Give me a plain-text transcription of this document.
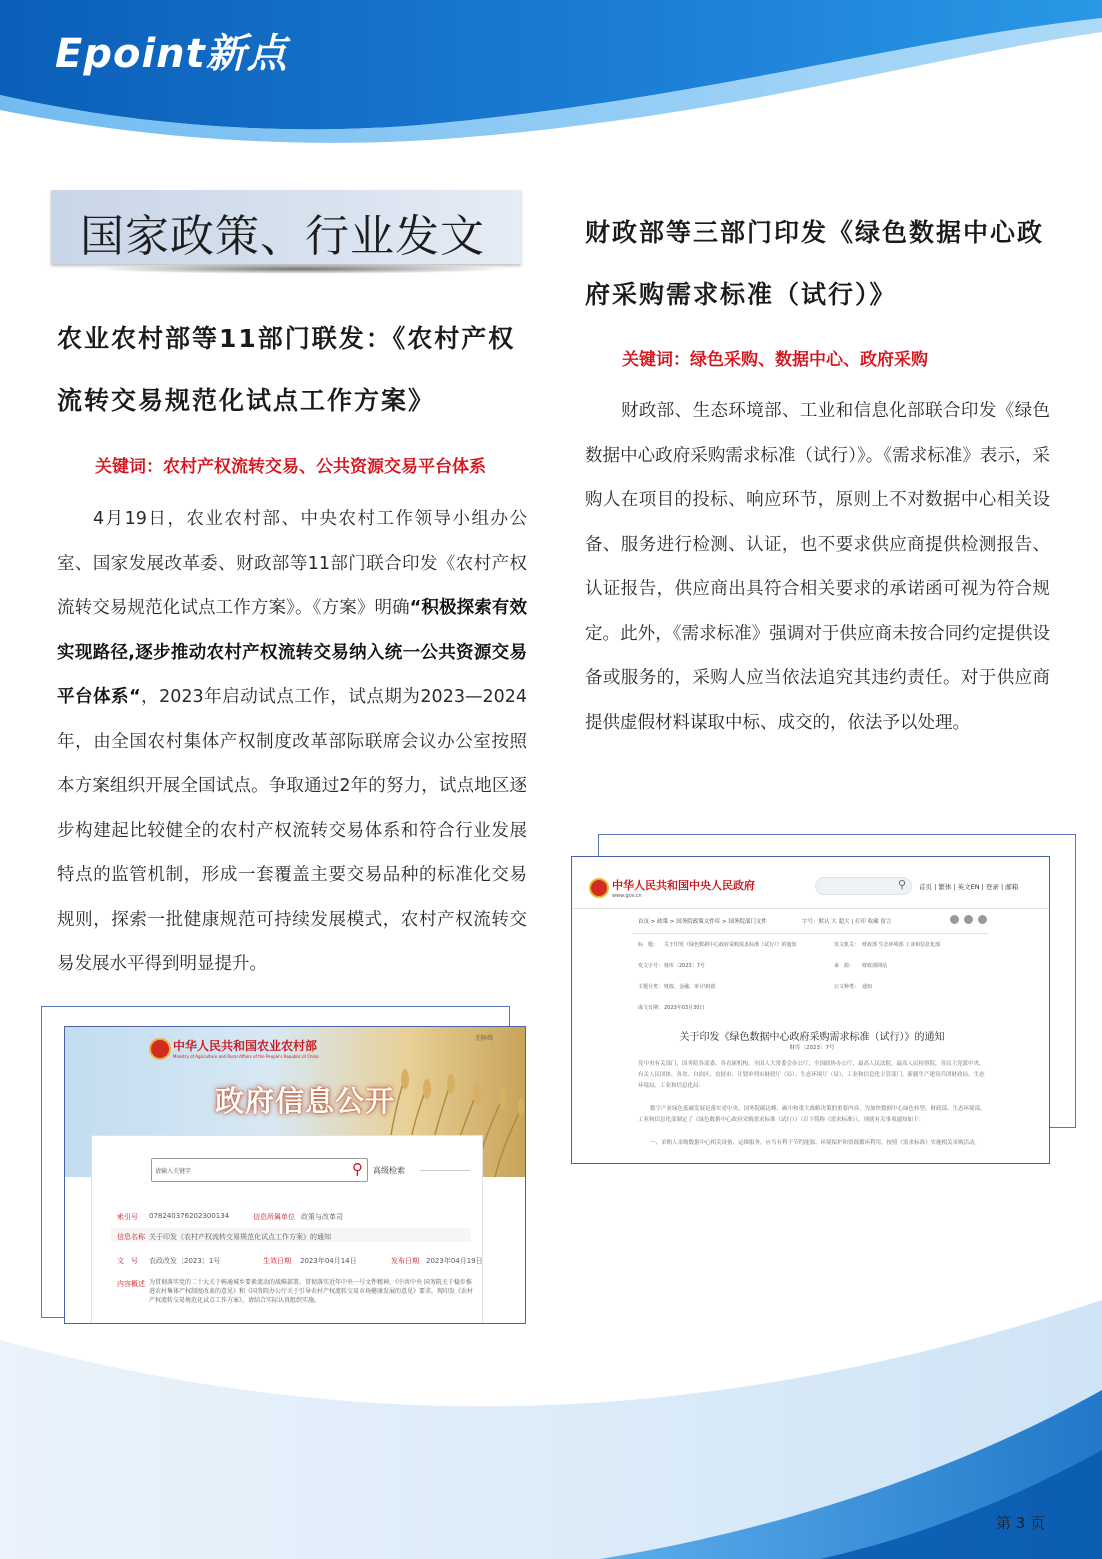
Epoint新点
国家政策、行业发文
农业农村部等11部门联发：《农村产权流转交易规范化试点工作方案》
关键词：农村产权流转交易、公共资源交易平台体系
4月19日，农业农村部、中央农村工作领导小组办公室、国家发展改革委、财政部等11部门联合印发《农村产权流转交易规范化试点工作方案》。《方案》明确“积极探索有效实现路径,逐步推动农村产权流转交易纳入统一公共资源交易平台体系“，2023年启动试点工作，试点期为2023—2024年，由全国农村集体产权制度改革部际联席会议办公室按照本方案组织开展全国试点。争取通过2年的努力，试点地区逐步构建起比较健全的农村产权流转交易体系和符合行业发展特点的监管机制，形成一套覆盖主要交易品种的标准化交易规则，探索一批健康规范可持续发展模式，农村产权流转交易发展水平得到明显提升。
中华人民共和国农业农村部
Ministry of Agriculture and Rural Affairs of the People's Republic of China
无障碍
政府信息公开
请输入关键字	⚲ 高级检索
索引号 07824037620230013​4	信息所属单位 政策与改革司
信息名称 关于印发《农村产权流转交易规范化试点工作方案》的通知
文　号 农政改发〔2023〕1号	生效日期 2023年04月14日	发布日期 2023年04月19日
内容概述 为贯彻落实党的二十大关于畅通城乡要素流动的战略部署，贯彻落实近年中央一号文件精神，《中共中央 国务院关于稳步推进农村集体产权制度改革的意见》和《国务院办公厅关于引导农村产权流转交易市场健康发展的意见》要求，现印发《农村产权流转交易规范化试点工作方案》，请结合实际认真组织实施。
财政部等三部门印发《绿色数据中心政府采购需求标准（试行）》
关键词：绿色采购、数据中心、政府采购
财政部、生态环境部、工业和信息化部联合印发《绿色数据中心政府采购需求标准（试行）》。《需求标准》表示，采购人在项目的投标、响应环节，原则上不对数据中心相关设备、服务进行检测、认证，也不要求供应商提供检测报告、认证报告，供应商出具符合相关要求的承诺函可视为符合规定。此外，《需求标准》强调对于供应商未按合同约定提供设备或服务的，采购人应当依法追究其违约责任。对于供应商提供虚假材料谋取中标、成交的，依法予以处理。
中华人民共和国中央人民政府
www.gov.cn
⚲ 首页 | 繁体 | 英文EN | 登录 | 邮箱
首页 > 政策 > 国务院政策文件库 > 国务院部门文件	字号：默认 大 超大 | 打印 收藏 留言
标　题： 关于印发《绿色数据中心政府采购需求标准（试行）》的通知	发文机关： 财政部 生态环境部 工业和信息化部
发文字号： 财库〔2023〕7号	来　源： 财政部网站
主题分类： 财政、金融、审计\财政	公文种类： 通知
成文日期： 2023年03月30日
关于印发《绿色数据中心政府采购需求标准（试行）》的通知
财库〔2023〕7号
党中央有关部门，国务院各部委、各直属机构，全国人大常委会办公厅，全国政协办公厅，最高人民法院，最高人民检察院，各民主党派中央，有关人民团体，各省、自治区、直辖市、计划单列市财政厅（局）、生态环境厅（局）、工业和信息化主管部门，新疆生产建设兵团财政局、生态环境局、工业和信息化局：
数字产业绿色低碳发展是落实党中央、国务院碳达峰、碳中和重大战略决策的重要内容。为加快数据中心绿色转型，财政部、生态环境部、工业和信息化部制定了《绿色数据中心政府采购需求标准（试行）》（以下简称《需求标准》），现就有关事项通知如下：
一、采购人采购数据中心相关设备、运维服务，应当有利于节约能源、环境保护和资源循环利用，按照《需求标准》实施相关采购活动。
第 3 页
